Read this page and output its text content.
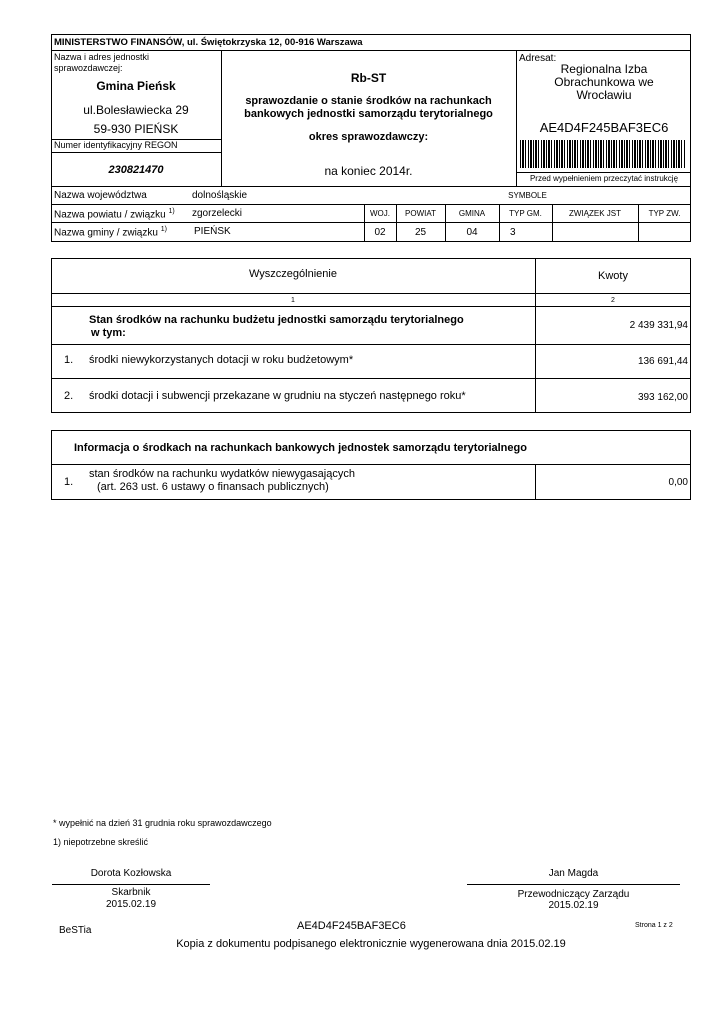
MINISTERSTWO FINANSÓW, ul. Świętokrzyska 12, 00-916 Warszawa
Nazwa i adres jednostki
sprawozdawczej:
Gmina Pieńsk
ul.Bolesławiecka 29
59-930 PIEŃSK
Numer identyfikacyjny REGON
230821470
Rb-ST
sprawozdanie o stanie środków na rachunkach
bankowych jednostki samorządu terytorialnego
okres sprawozdawczy:
na koniec 2014r.
Adresat:
Regionalna Izba
Obrachunkowa we
Wrocławiu
AE4D4F245BAF3EC6
Przed wypełnieniem przeczytać instrukcję
Nazwa województwa	dolnośląskie
Nazwa powiatu / związku $^{1)}$ zgorzelecki
Nazwa gminy / związku $^{1)}$	PIEŃSK
SYMBOLE
WOJ.	POWIAT	GMINA	TYP GM.	ZWIĄZEK JST	TYP ZW.
02	25	04	3
Wyszczególnienie	Kwoty
1	2
Stan środków na rachunku budżetu jednostki samorządu terytorialnego
w tym:
2 439 331,94
1. środki niewykorzystanych dotacji w roku budżetowym*	136 691,44
2. środki dotacji i subwencji przekazane w grudniu na styczeń następnego roku*	393 162,00
Informacja o środkach na rachunkach bankowych jednostek samorządu terytorialnego
1.
stan środków na rachunku wydatków niewygasających
(art. 263 ust. 6 ustawy o finansach publicznych)	0,00
* wypełnić na dzień 31 grudnia roku sprawozdawczego
1) niepotrzebne skreślić
Dorota Kozłowska
Skarbnik
2015.02.19
Jan Magda
Przewodniczący Zarządu
2015.02.19
BeSTia	AE4D4F245BAF3EC6	Strona 1 z 2
Kopia z dokumentu podpisanego elektronicznie wygenerowana dnia 2015.02.19
